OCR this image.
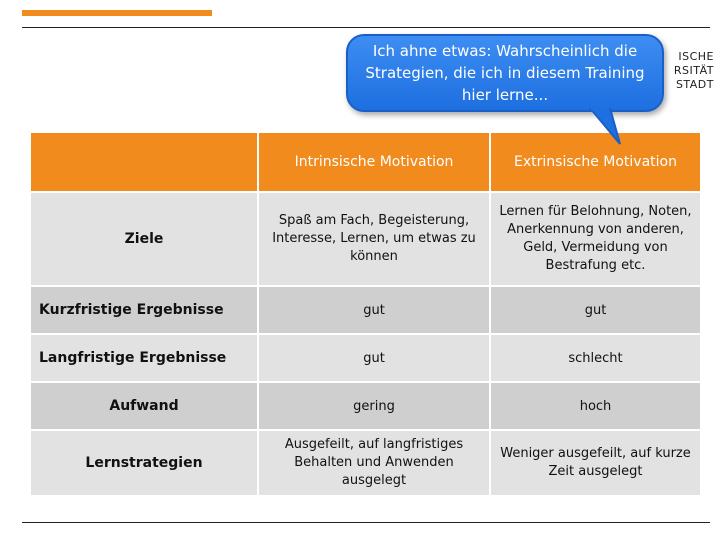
ISCHE
RSITÄT
STADT
	Intrinsische Motivation	Extrinsische Motivation
Ziele	Spaß am Fach, Begeisterung, Interesse, Lernen, um etwas zu können	Lernen für Belohnung, Noten, Anerkennung von anderen, Geld, Vermeidung von Bestrafung etc.
Kurzfristige Ergebnisse	gut	gut
Langfristige Ergebnisse	gut	schlecht
Aufwand	gering	hoch
Lernstrategien	Ausgefeilt, auf langfristiges Behalten und Anwenden ausgelegt	Weniger ausgefeilt, auf kurze Zeit ausgelegt
Ich ahne etwas: Wahrscheinlich die Strategien, die ich in diesem Training hier lerne...
